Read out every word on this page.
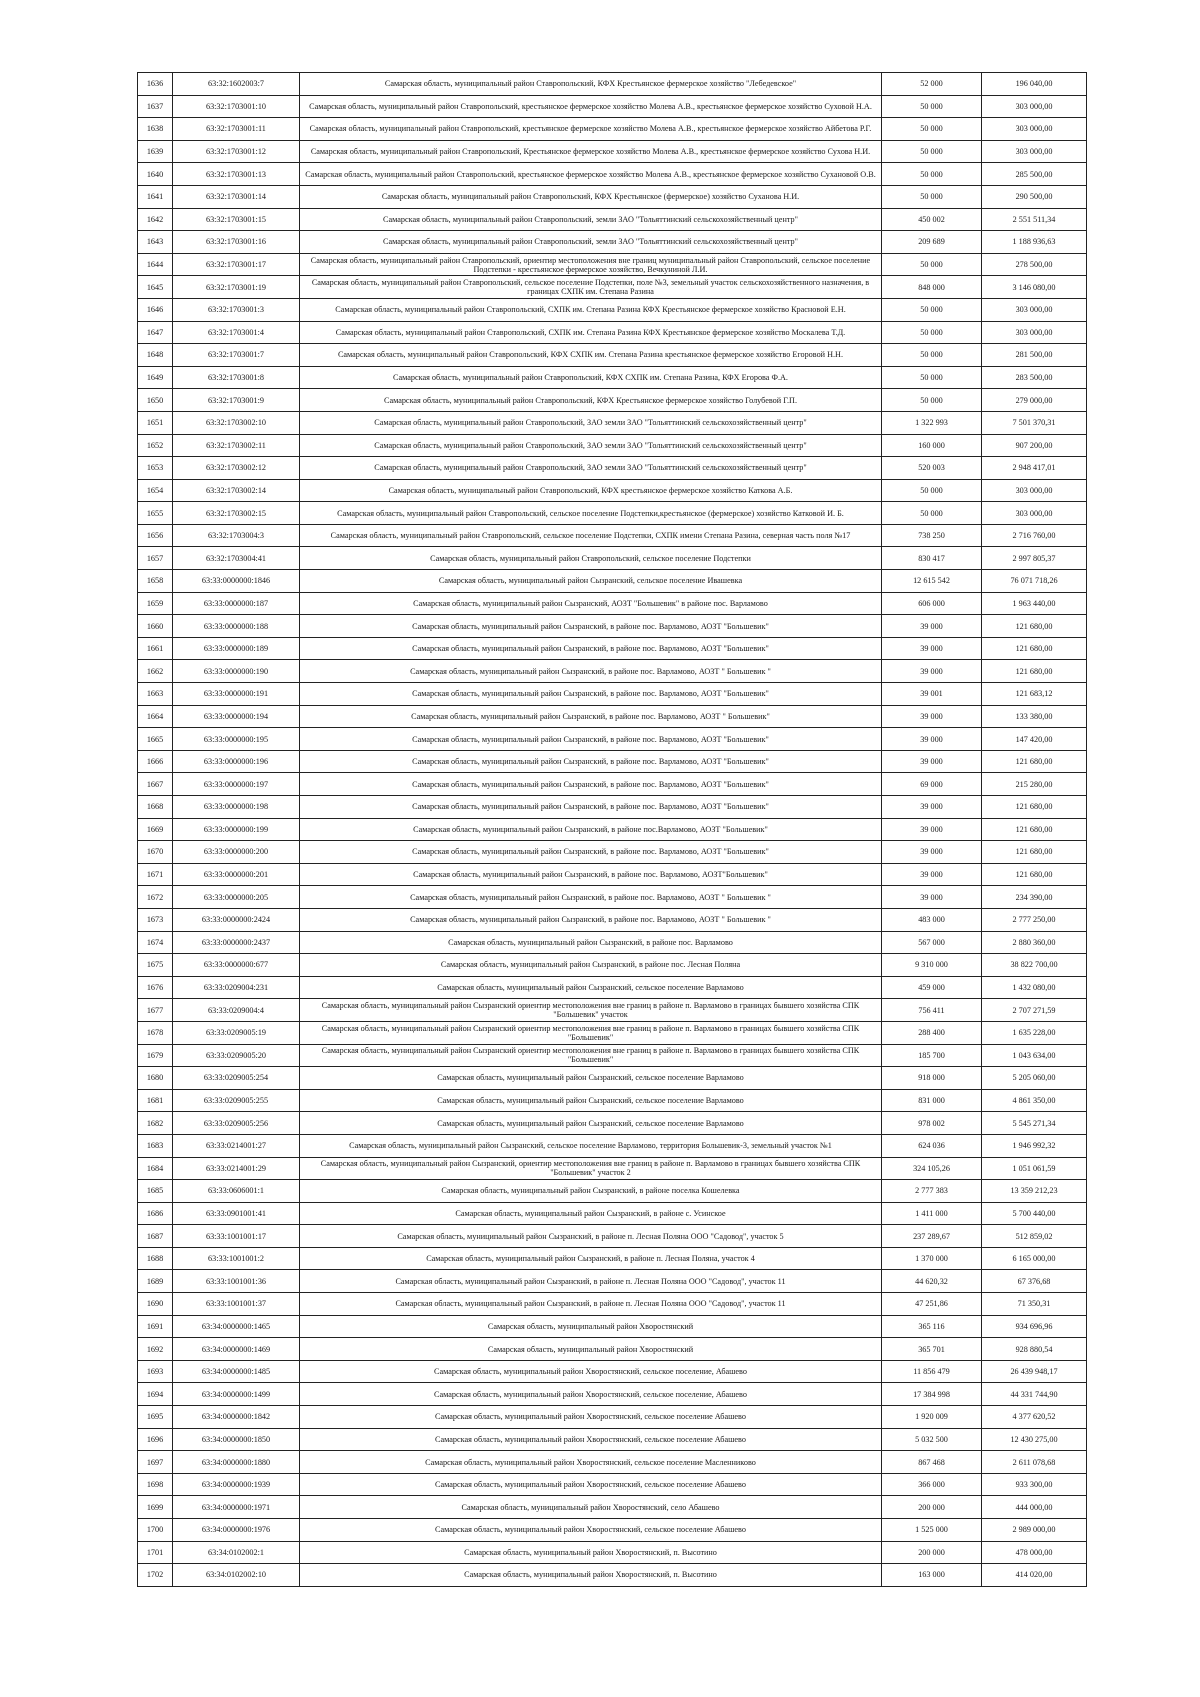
1636	63:32:1602003:7	Самарская область, муниципальный район Ставропольский, КФХ Крестьянское фермерское хозяйство "Лебедевское"	52 000	196 040,00
1637	63:32:1703001:10	Самарская область, муниципальный район Ставропольский, крестьянское фермерское хозяйство Молева А.В., крестьянское фермерское хозяйство Суховой Н.А.	50 000	303 000,00
1638	63:32:1703001:11	Самарская область, муниципальный район Ставропольский, крестьянское фермерское хозяйство Молева А.В., крестьянское фермерское хозяйство Айбетова Р.Г.	50 000	303 000,00
1639	63:32:1703001:12	Самарская область, муниципальный район Ставропольский, Крестьянское фермерское хозяйство Молева А.В., крестьянское фермерское хозяйство Сухова Н.И.	50 000	303 000,00
1640	63:32:1703001:13	Самарская область, муниципальный район Ставропольский, крестьянское фермерское хозяйство Молева А.В., крестьянское фермерское хозяйство Сухановой О.В.	50 000	285 500,00
1641	63:32:1703001:14	Самарская область, муниципальный район Ставропольский, КФХ Крестьянское (фермерское) хозяйство Суханова Н.И.	50 000	290 500,00
1642	63:32:1703001:15	Самарская область, муниципальный район Ставропольский, земли ЗАО "Тольяттинский сельскохозяйственный центр"	450 002	2 551 511,34
1643	63:32:1703001:16	Самарская область, муниципальный район Ставропольский, земли ЗАО "Тольяттинский сельскохозяйственный центр"	209 689	1 188 936,63
1644	63:32:1703001:17	Самарская область, муниципальный район Ставропольский, ориентир местоположения вне границ муниципальный район Ставропольский, сельское поселение Подстепки - крестьянское фермерское хозяйство, Вечкуниной Л.И.	50 000	278 500,00
1645	63:32:1703001:19	Самарская область, муниципальный район Ставропольский, сельское поселение Подстепки, поле №3, земельный участок сельскохозяйственного назначения, в границах СХПК им. Степана Разина	848 000	3 146 080,00
1646	63:32:1703001:3	Самарская область, муниципальный район Ставропольский, СХПК им. Степана Разина КФХ Крестьянское фермерское хозяйство Красновой Е.Н.	50 000	303 000,00
1647	63:32:1703001:4	Самарская область, муниципальный район Ставропольский, СХПК им. Степана Разина КФХ Крестьянское фермерское хозяйство Москалева Т.Д.	50 000	303 000,00
1648	63:32:1703001:7	Самарская область, муниципальный район Ставропольский, КФХ СХПК им. Степана Разина крестьянское фермерское хозяйство Егоровой Н.Н.	50 000	281 500,00
1649	63:32:1703001:8	Самарская область, муниципальный район Ставропольский, КФХ СХПК им. Степана Разина, КФХ Егорова Ф.А.	50 000	283 500,00
1650	63:32:1703001:9	Самарская область, муниципальный район Ставропольский, КФХ Крестьянское фермерское хозяйство Голубевой Г.П.	50 000	279 000,00
1651	63:32:1703002:10	Самарская область, муниципальный район Ставропольский, ЗАО земли ЗАО "Тольяттинский сельскохозяйственный центр"	1 322 993	7 501 370,31
1652	63:32:1703002:11	Самарская область, муниципальный район Ставропольский, ЗАО земли ЗАО "Тольяттинский сельскохозяйственный центр"	160 000	907 200,00
1653	63:32:1703002:12	Самарская область, муниципальный район Ставропольский, ЗАО земли ЗАО "Тольяттинский сельскохозяйственный центр"	520 003	2 948 417,01
1654	63:32:1703002:14	Самарская область, муниципальный район Ставропольский, КФХ крестьянское фермерское хозяйство Каткова А.Б.	50 000	303 000,00
1655	63:32:1703002:15	Самарская область, муниципальный район Ставропольский, сельское поселение Подстепки,крестьянское (фермерское) хозяйство Катковой И. Б.	50 000	303 000,00
1656	63:32:1703004:3	Самарская область, муниципальный район Ставропольский, сельское поселение Подстепки, СХПК имени Степана Разина, северная часть поля №17	738 250	2 716 760,00
1657	63:32:1703004:41	Самарская область, муниципальный район Ставропольский, сельское поселение Подстепки	830 417	2 997 805,37
1658	63:33:0000000:1846	Самарская область, муниципальный район Сызранский, сельское поселение Ивашевка	12 615 542	76 071 718,26
1659	63:33:0000000:187	Самарская область, муниципальный район Сызранский, АОЗТ "Большевик" в районе пос. Варламово	606 000	1 963 440,00
1660	63:33:0000000:188	Самарская область, муниципальный район Сызранский, в районе пос. Варламово, АОЗТ "Большевик"	39 000	121 680,00
1661	63:33:0000000:189	Самарская область, муниципальный район Сызранский, в районе пос. Варламово, АОЗТ "Большевик"	39 000	121 680,00
1662	63:33:0000000:190	Самарская область, муниципальный район Сызранский, в районе пос. Варламово, АОЗТ " Большевик "	39 000	121 680,00
1663	63:33:0000000:191	Самарская область, муниципальный район Сызранский, в районе пос. Варламово, АОЗТ "Большевик"	39 001	121 683,12
1664	63:33:0000000:194	Самарская область, муниципальный район Сызранский, в районе пос. Варламово, АОЗТ " Большевик"	39 000	133 380,00
1665	63:33:0000000:195	Самарская область, муниципальный район Сызранский, в районе пос. Варламово, АОЗТ "Большевик"	39 000	147 420,00
1666	63:33:0000000:196	Самарская область, муниципальный район Сызранский, в районе пос. Варламово, АОЗТ "Большевик"	39 000	121 680,00
1667	63:33:0000000:197	Самарская область, муниципальный район Сызранский, в районе пос. Варламово, АОЗТ "Большевик"	69 000	215 280,00
1668	63:33:0000000:198	Самарская область, муниципальный район Сызранский, в районе пос. Варламово, АОЗТ "Большевик"	39 000	121 680,00
1669	63:33:0000000:199	Самарская область, муниципальный район Сызранский, в районе пос.Варламово, АОЗТ "Большевик"	39 000	121 680,00
1670	63:33:0000000:200	Самарская область, муниципальный район Сызранский, в районе пос. Варламово, АОЗТ "Большевик"	39 000	121 680,00
1671	63:33:0000000:201	Самарская область, муниципальный район Сызранский, в районе пос. Варламово, АОЗТ"Большевик"	39 000	121 680,00
1672	63:33:0000000:205	Самарская область, муниципальный район Сызранский, в районе пос. Варламово, АОЗТ " Большевик "	39 000	234 390,00
1673	63:33:0000000:2424	Самарская область, муниципальный район Сызранский, в районе пос. Варламово, АОЗТ " Большевик "	483 000	2 777 250,00
1674	63:33:0000000:2437	Самарская область, муниципальный район Сызранский, в районе пос. Варламово	567 000	2 880 360,00
1675	63:33:0000000:677	Самарская область, муниципальный район Сызранский, в районе пос. Лесная Поляна	9 310 000	38 822 700,00
1676	63:33:0209004:231	Самарская область, муниципальный район Сызранский, сельское поселение Варламово	459 000	1 432 080,00
1677	63:33:0209004:4	Самарская область, муниципальный район Сызранский ориентир местоположения вне границ в районе п. Варламово в границах бывшего хозяйства СПК "Большевик" участок	756 411	2 707 271,59
1678	63:33:0209005:19	Самарская область, муниципальный район Сызранский ориентир местоположения вне границ в районе п. Варламово в границах бывшего хозяйства СПК "Большевик"	288 400	1 635 228,00
1679	63:33:0209005:20	Самарская область, муниципальный район Сызранский ориентир местоположения вне границ в районе п. Варламово в границах бывшего хозяйства СПК "Большевик"	185 700	1 043 634,00
1680	63:33:0209005:254	Самарская область, муниципальный район Сызранский, сельское поселение Варламово	918 000	5 205 060,00
1681	63:33:0209005:255	Самарская область, муниципальный район Сызранский, сельское поселение Варламово	831 000	4 861 350,00
1682	63:33:0209005:256	Самарская область, муниципальный район Сызранский, сельское поселение Варламово	978 002	5 545 271,34
1683	63:33:0214001:27	Самарская область, муниципальный район Сызранский, сельское поселение Варламово, территория Большевик-3, земельный участок №1	624 036	1 946 992,32
1684	63:33:0214001:29	Самарская область, муниципальный район Сызранский, ориентир местоположения вне границ в районе п. Варламово в границах бывшего хозяйства СПК "Большевик" участок 2	324 105,26	1 051 061,59
1685	63:33:0606001:1	Самарская область, муниципальный район Сызранский, в районе поселка Кошелевка	2 777 383	13 359 212,23
1686	63:33:0901001:41	Самарская область, муниципальный район Сызранский, в районе с. Усинское	1 411 000	5 700 440,00
1687	63:33:1001001:17	Самарская область, муниципальный район Сызранский, в районе п. Лесная Поляна ООО "Садовод", участок 5	237 289,67	512 859,02
1688	63:33:1001001:2	Самарская область, муниципальный район Сызранский, в районе п. Лесная Поляна, участок 4	1 370 000	6 165 000,00
1689	63:33:1001001:36	Самарская область, муниципальный район Сызранский, в районе п. Лесная Поляна ООО "Садовод", участок 11	44 620,32	67 376,68
1690	63:33:1001001:37	Самарская область, муниципальный район Сызранский, в районе п. Лесная Поляна ООО "Садовод", участок 11	47 251,86	71 350,31
1691	63:34:0000000:1465	Самарская область, муниципальный район Хворостянский	365 116	934 696,96
1692	63:34:0000000:1469	Самарская область, муниципальный район Хворостянский	365 701	928 880,54
1693	63:34:0000000:1485	Самарская область, муниципальный район Хворостянский, сельское поселение, Абашево	11 856 479	26 439 948,17
1694	63:34:0000000:1499	Самарская область, муниципальный район Хворостянский, сельское поселение, Абашево	17 384 998	44 331 744,90
1695	63:34:0000000:1842	Самарская область, муниципальный район Хворостянский, сельское поселение Абашево	1 920 009	4 377 620,52
1696	63:34:0000000:1850	Самарская область, муниципальный район Хворостянский, сельское поселение Абашево	5 032 500	12 430 275,00
1697	63:34:0000000:1880	Самарская область, муниципальный район Хворостянский, сельское поселение Масленниково	867 468	2 611 078,68
1698	63:34:0000000:1939	Самарская область, муниципальный район Хворостянский, сельское поселение Абашево	366 000	933 300,00
1699	63:34:0000000:1971	Самарская область, муниципальный район Хворостянский, село Абашево	200 000	444 000,00
1700	63:34:0000000:1976	Самарская область, муниципальный район Хворостянский, сельское поселение Абашево	1 525 000	2 989 000,00
1701	63:34:0102002:1	Самарская область, муниципальный район Хворостянский, п. Высотино	200 000	478 000,00
1702	63:34:0102002:10	Самарская область, муниципальный район Хворостянский, п. Высотино	163 000	414 020,00
